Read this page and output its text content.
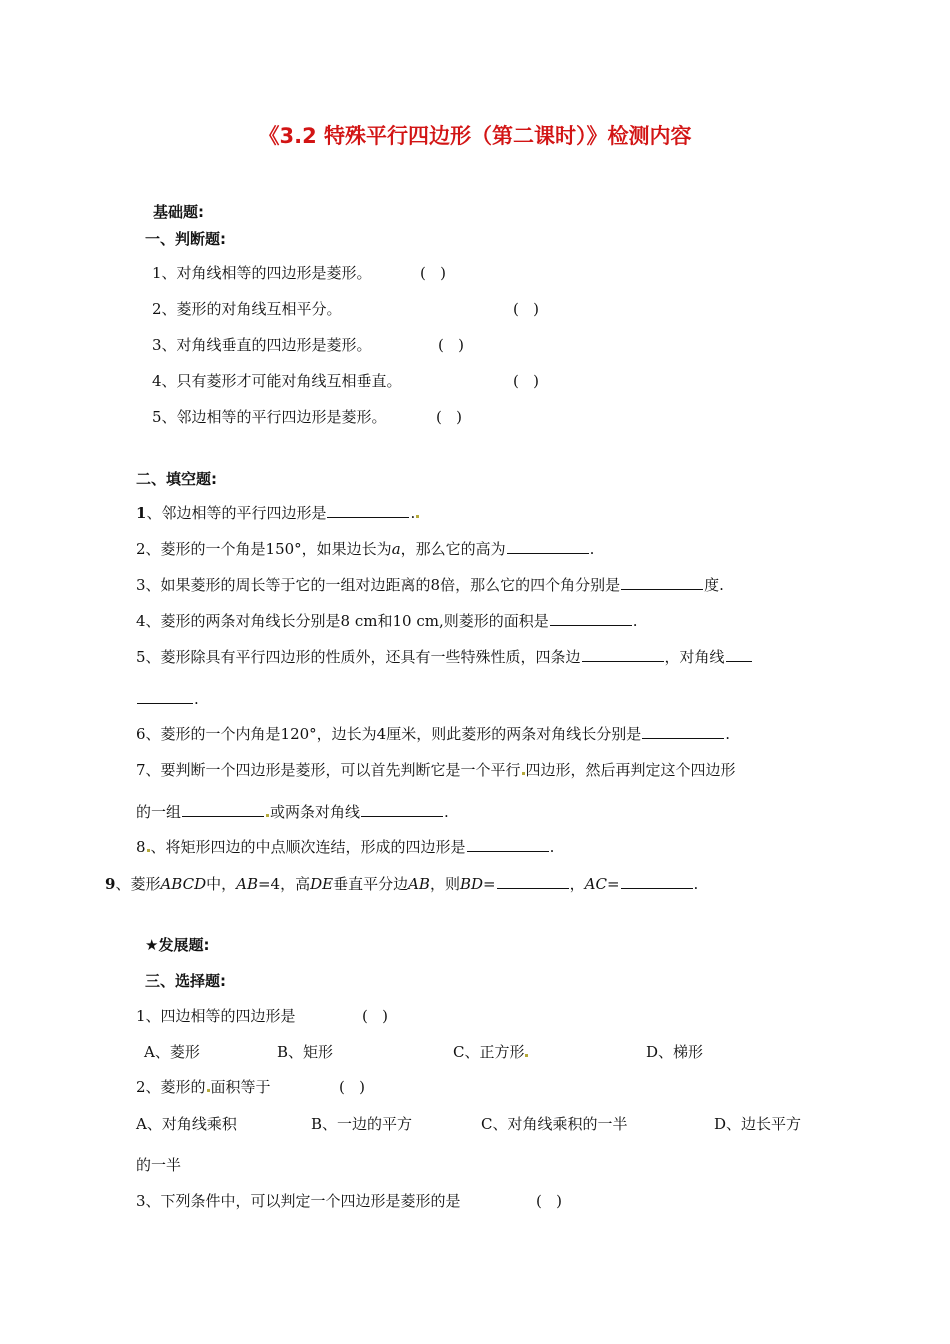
《3.2 特殊平行四边形（第二课时）》检测内容
基础题:
一、判断题:
1、对角线相等的四边形是菱形。	(   )
2、菱形的对角线互相平分。	(   )
3、对角线垂直的四边形是菱形。	(   )
4、只有菱形才可能对角线互相垂直。	(   )
5、邻边相等的平行四边形是菱形。	(   )
二、填空题:
1、邻边相等的平行四边形是	.
2、菱形的一个角是150°，如果边长为a，那么它的高为	.
3、如果菱形的周长等于它的一组对边距离的8倍，那么它的四个角分别是	度.
4、菱形的两条对角线长分别是8 cm和10 cm,则菱形的面积是	.
5、菱形除具有平行四边形的性质外，还具有一些特殊性质，四条边	，对角线
.
6、菱形的一个内角是120°，边长为4厘米，则此菱形的两条对角线长分别是	.
7、要判断一个四边形是菱形，可以首先判断它是一个平行 四边形，然后再判定这个四边形
的一组	或两条对角线	.
8 、将矩形四边的中点顺次连结，形成的四边形是	.
9、菱形ABCD中，AB=4，高DE垂直平分边AB，则BD=	，AC=	.
★发展题:
三、选择题:
1、四边相等的四边形是	(   )
A、菱形	B、矩形	C、正方形	D、梯形
2、菱形的 面积等于	(   )
A、对角线乘积	B、一边的平方	C、对角线乘积的一半	D、边长平方
的一半
3、下列条件中，可以判定一个四边形是菱形的是	(   )
